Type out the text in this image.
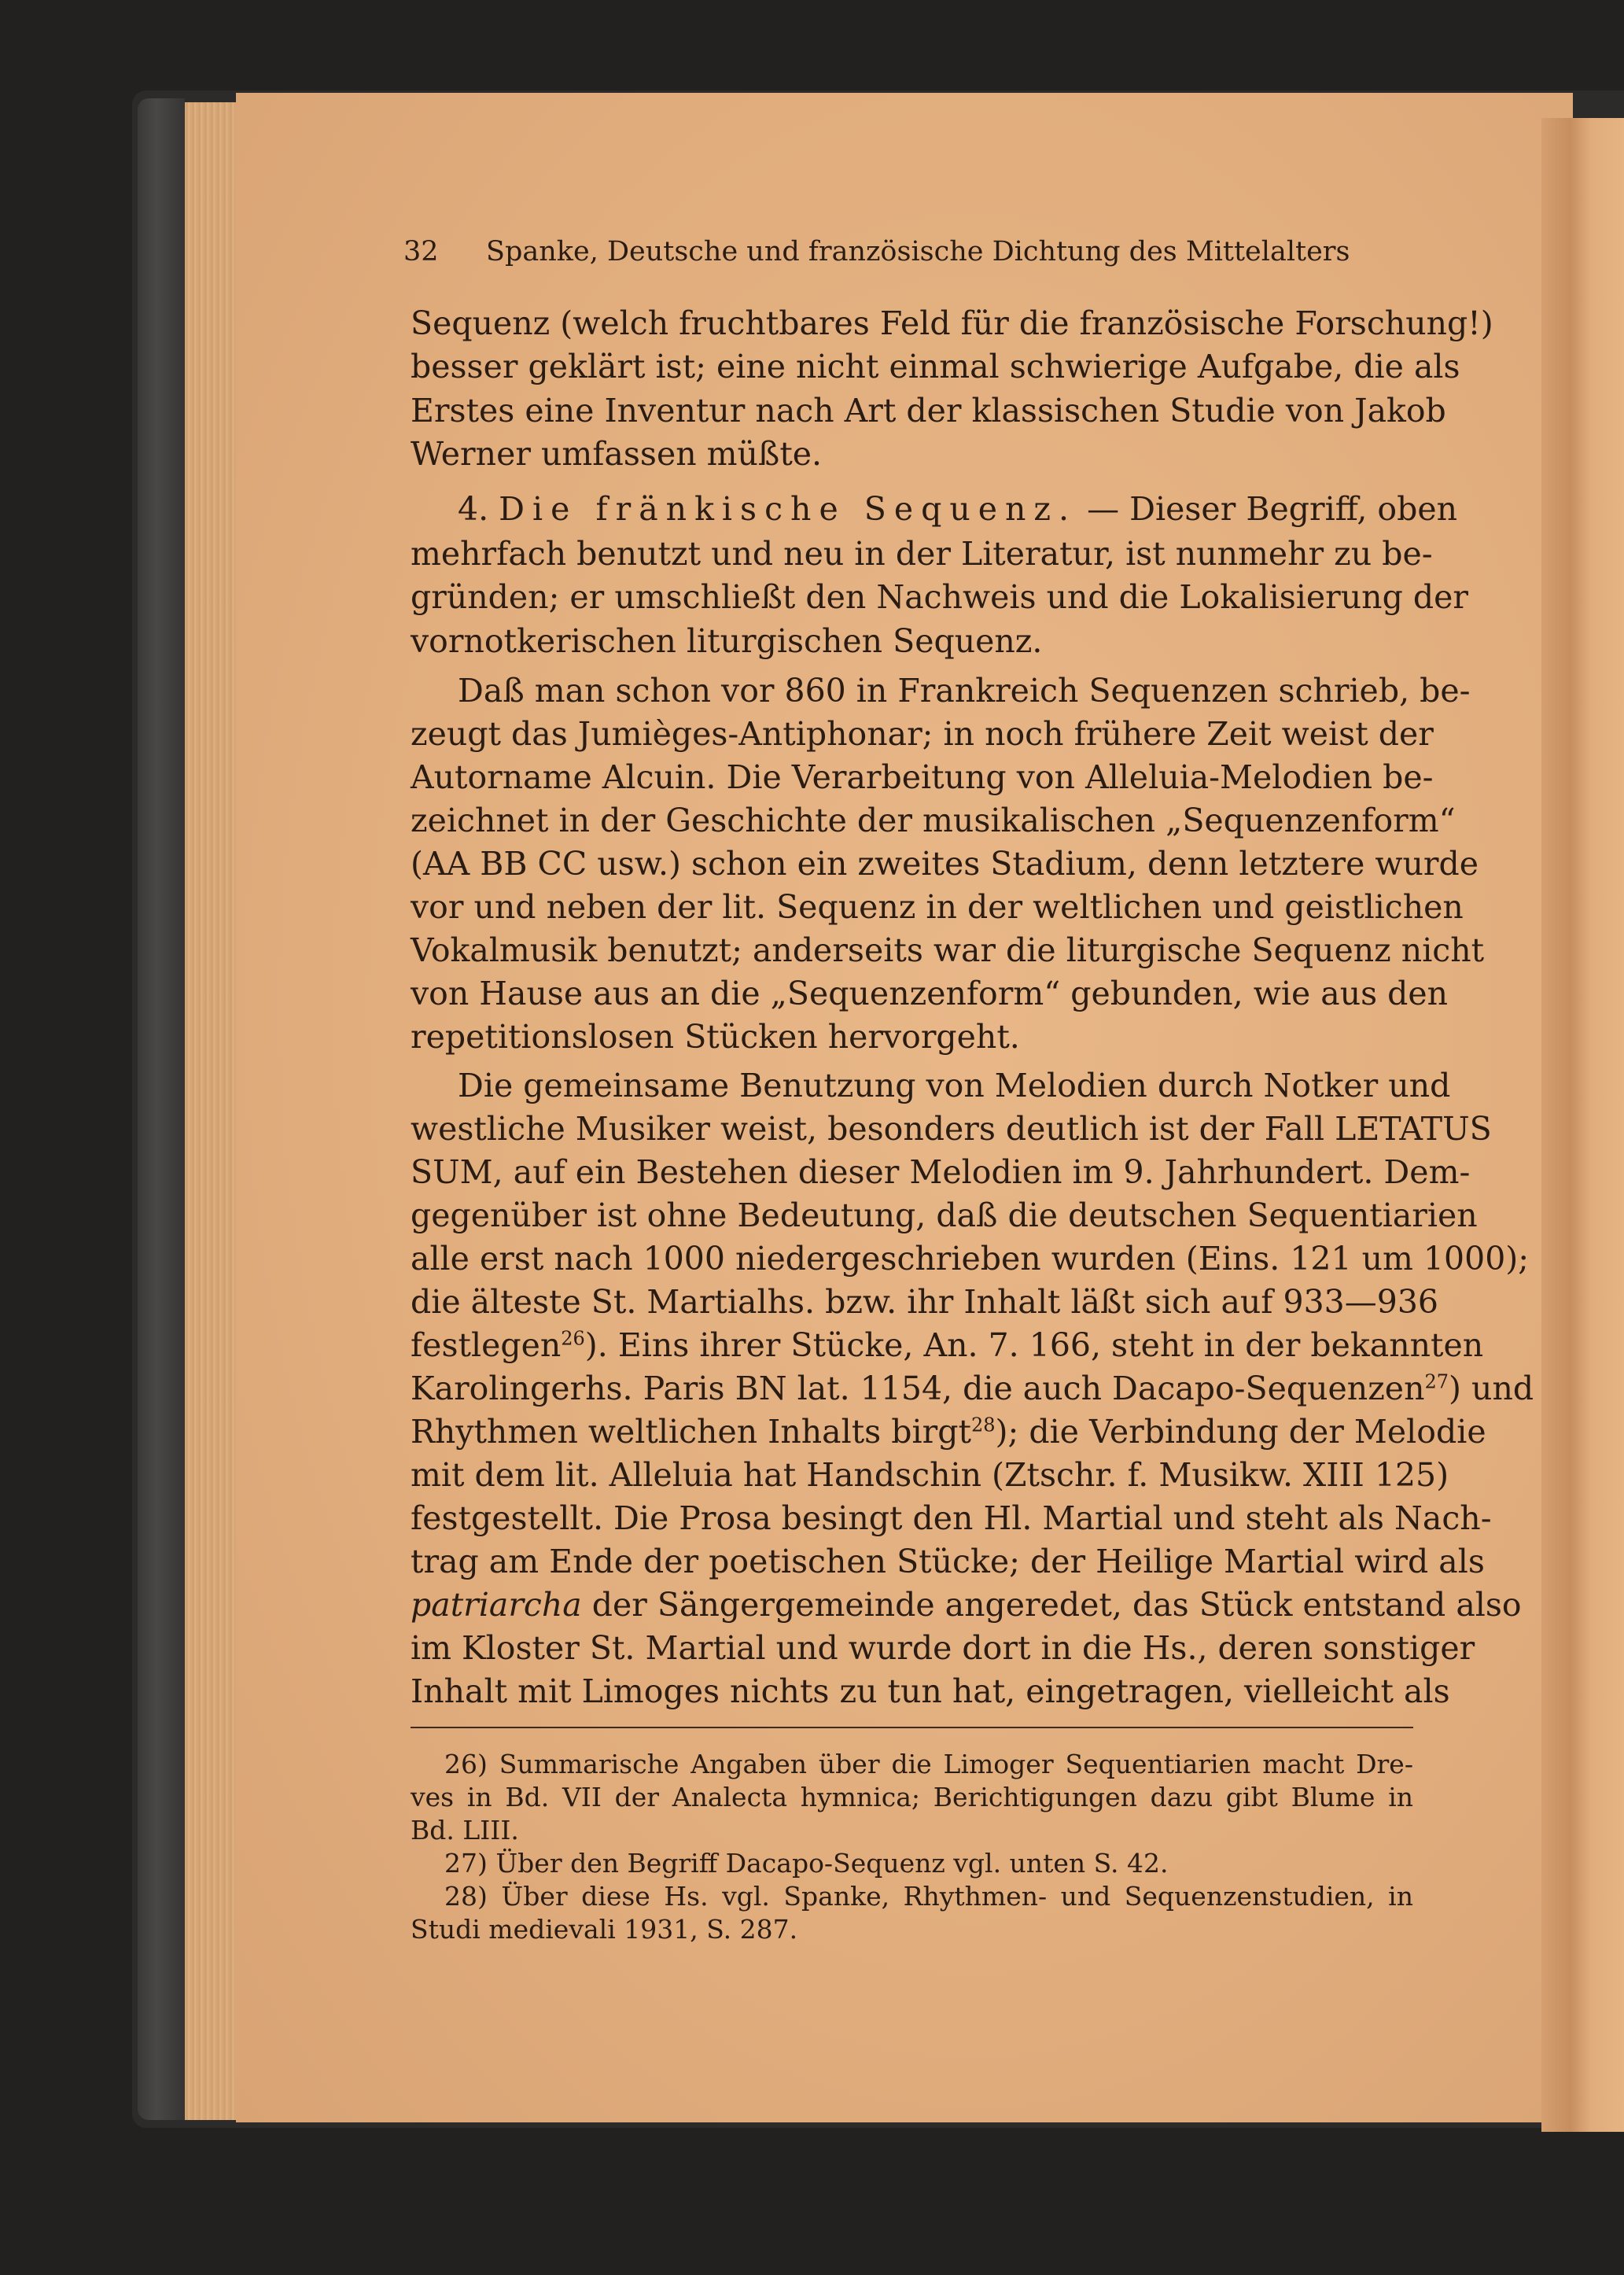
32 Spanke, Deutsche und französische Dichtung des Mittelalters
Sequenz (welch fruchtbares Feld für die französische Forschung!)
besser geklärt ist; eine nicht einmal schwierige Aufgabe, die als
Erstes eine Inventur nach Art der klassischen Studie von Jakob
Werner umfassen müßte.
4. Die fränkische Sequenz. — Dieser Begriff, oben
mehrfach benutzt und neu in der Literatur, ist nunmehr zu be-
gründen; er umschließt den Nachweis und die Lokalisierung der
vornotkerischen liturgischen Sequenz.
Daß man schon vor 860 in Frankreich Sequenzen schrieb, be-
zeugt das Jumièges-Antiphonar; in noch frühere Zeit weist der
Autorname Alcuin. Die Verarbeitung von Alleluia-Melodien be-
zeichnet in der Geschichte der musikalischen „Sequenzenform“
(AA BB CC usw.) schon ein zweites Stadium, denn letztere wurde
vor und neben der lit. Sequenz in der weltlichen und geistlichen
Vokalmusik benutzt; anderseits war die liturgische Sequenz nicht
von Hause aus an die „Sequenzenform“ gebunden, wie aus den
repetitionslosen Stücken hervorgeht.
Die gemeinsame Benutzung von Melodien durch Notker und
westliche Musiker weist, besonders deutlich ist der Fall LETATUS
SUM, auf ein Bestehen dieser Melodien im 9. Jahrhundert. Dem-
gegenüber ist ohne Bedeutung, daß die deutschen Sequentiarien
alle erst nach 1000 niedergeschrieben wurden (Eins. 121 um 1000);
die älteste St. Martialhs. bzw. ihr Inhalt läßt sich auf 933—936
festlegen$^{26}$). Eins ihrer Stücke, An. 7. 166, steht in der bekannten
Karolingerhs. Paris BN lat. 1154, die auch Dacapo-Sequenzen$^{27}$) und
Rhythmen weltlichen Inhalts birgt$^{28}$); die Verbindung der Melodie
mit dem lit. Alleluia hat Handschin (Ztschr. f. Musikw. XIII 125)
festgestellt. Die Prosa besingt den Hl. Martial und steht als Nach-
trag am Ende der poetischen Stücke; der Heilige Martial wird als
patriarcha der Sängergemeinde angeredet, das Stück entstand also
im Kloster St. Martial und wurde dort in die Hs., deren sonstiger
Inhalt mit Limoges nichts zu tun hat, eingetragen, vielleicht als
26) Summarische Angaben über die Limoger Sequentiarien macht Dre-
ves in Bd. VII der Analecta hymnica; Berichtigungen dazu gibt Blume in
Bd. LIII.
27) Über den Begriff Dacapo-Sequenz vgl. unten S. 42.
28) Über diese Hs. vgl. Spanke, Rhythmen- und Sequenzenstudien, in
Studi medievali 1931, S. 287.
